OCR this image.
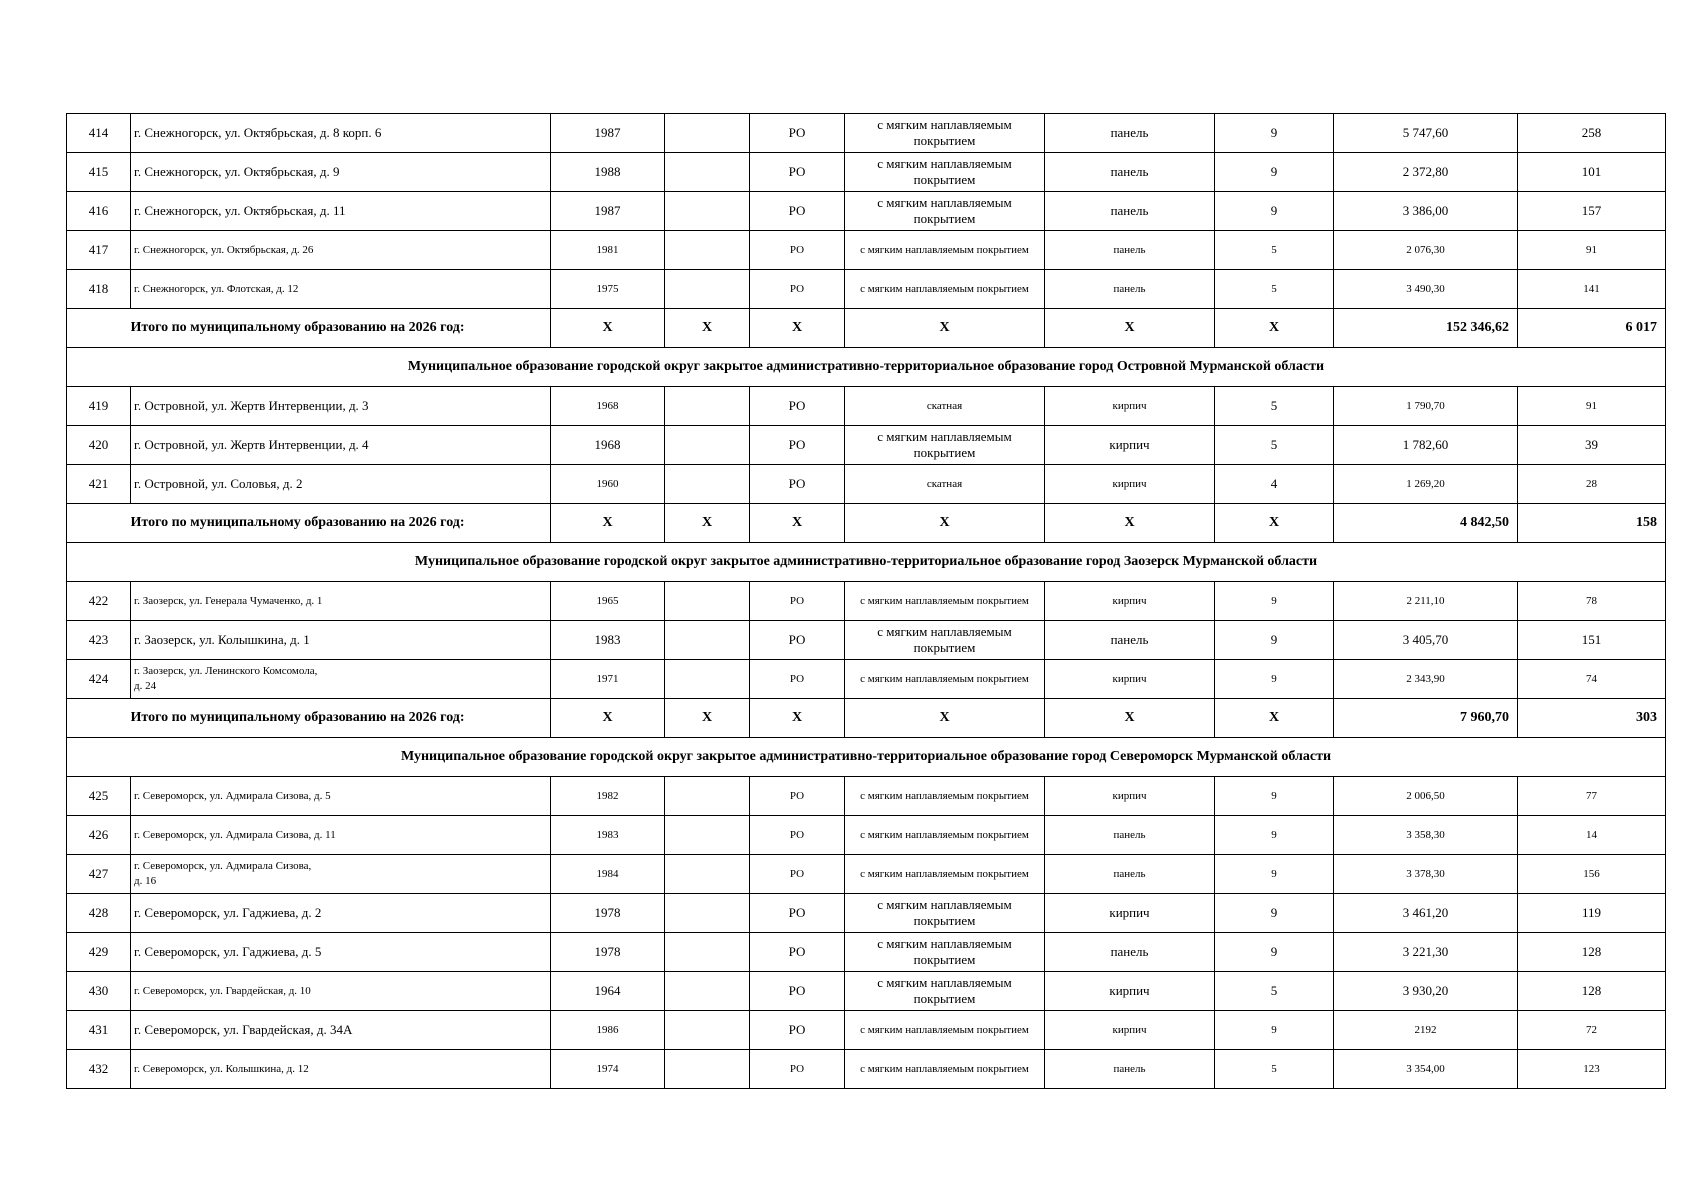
414	г. Снежногорск, ул. Октябрьская, д. 8 корп. 6	1987		РО	с мягким наплавляемым покрытием	панель	9	5 747,60	258
415	г. Снежногорск, ул. Октябрьская, д. 9	1988		РО	с мягким наплавляемым покрытием	панель	9	2 372,80	101
416	г. Снежногорск, ул. Октябрьская, д. 11	1987		РО	с мягким наплавляемым покрытием	панель	9	3 386,00	157
417	г. Снежногорск, ул. Октябрьская, д. 26	1981		РО	с мягким наплавляемым покрытием	панель	5	2 076,30	91
418	г. Снежногорск, ул. Флотская, д. 12	1975		РО	с мягким наплавляемым покрытием	панель	5	3 490,30	141
	Итого по муниципальному образованию на 2026 год:	X	X	X	X	X	X	152 346,62	6 017
Муниципальное образование городской округ закрытое административно-территориальное образование город Островной Мурманской области									
419	г. Островной, ул. Жертв Интервенции, д. 3	1968		РО	скатная	кирпич	5	1 790,70	91
420	г. Островной, ул. Жертв Интервенции, д. 4	1968		РО	с мягким наплавляемым покрытием	кирпич	5	1 782,60	39
421	г. Островной, ул. Соловья, д. 2	1960		РО	скатная	кирпич	4	1 269,20	28
	Итого по муниципальному образованию на 2026 год:	X	X	X	X	X	X	4 842,50	158
Муниципальное образование городской округ закрытое административно-территориальное образование город Заозерск Мурманской области									
422	г. Заозерск, ул. Генерала Чумаченко, д. 1	1965		РО	с мягким наплавляемым покрытием	кирпич	9	2 211,10	78
423	г. Заозерск, ул. Колышкина, д. 1	1983		РО	с мягким наплавляемым покрытием	панель	9	3 405,70	151
424	г. Заозерск, ул. Ленинского Комсомола,
д. 24	1971		РО	с мягким наплавляемым покрытием	кирпич	9	2 343,90	74
	Итого по муниципальному образованию на 2026 год:	X	X	X	X	X	X	7 960,70	303
Муниципальное образование городской округ закрытое административно-территориальное образование город Североморск Мурманской области									
425	г. Североморск, ул. Адмирала Сизова, д. 5	1982		РО	с мягким наплавляемым покрытием	кирпич	9	2 006,50	77
426	г. Североморск, ул. Адмирала Сизова, д. 11	1983		РО	с мягким наплавляемым покрытием	панель	9	3 358,30	14
427	г. Североморск, ул. Адмирала Сизова,
д. 16	1984		РО	с мягким наплавляемым покрытием	панель	9	3 378,30	156
428	г. Североморск, ул. Гаджиева, д. 2	1978		РО	с мягким наплавляемым покрытием	кирпич	9	3 461,20	119
429	г. Североморск, ул. Гаджиева, д. 5	1978		РО	с мягким наплавляемым покрытием	панель	9	3 221,30	128
430	г. Североморск, ул. Гвардейская, д. 10	1964		РО	с мягким наплавляемым покрытием	кирпич	5	3 930,20	128
431	г. Североморск, ул. Гвардейская, д. 34А	1986		РО	с мягким наплавляемым покрытием	кирпич	9	2192	72
432	г. Североморск, ул. Колышкина, д. 12	1974		РО	с мягким наплавляемым покрытием	панель	5	3 354,00	123
